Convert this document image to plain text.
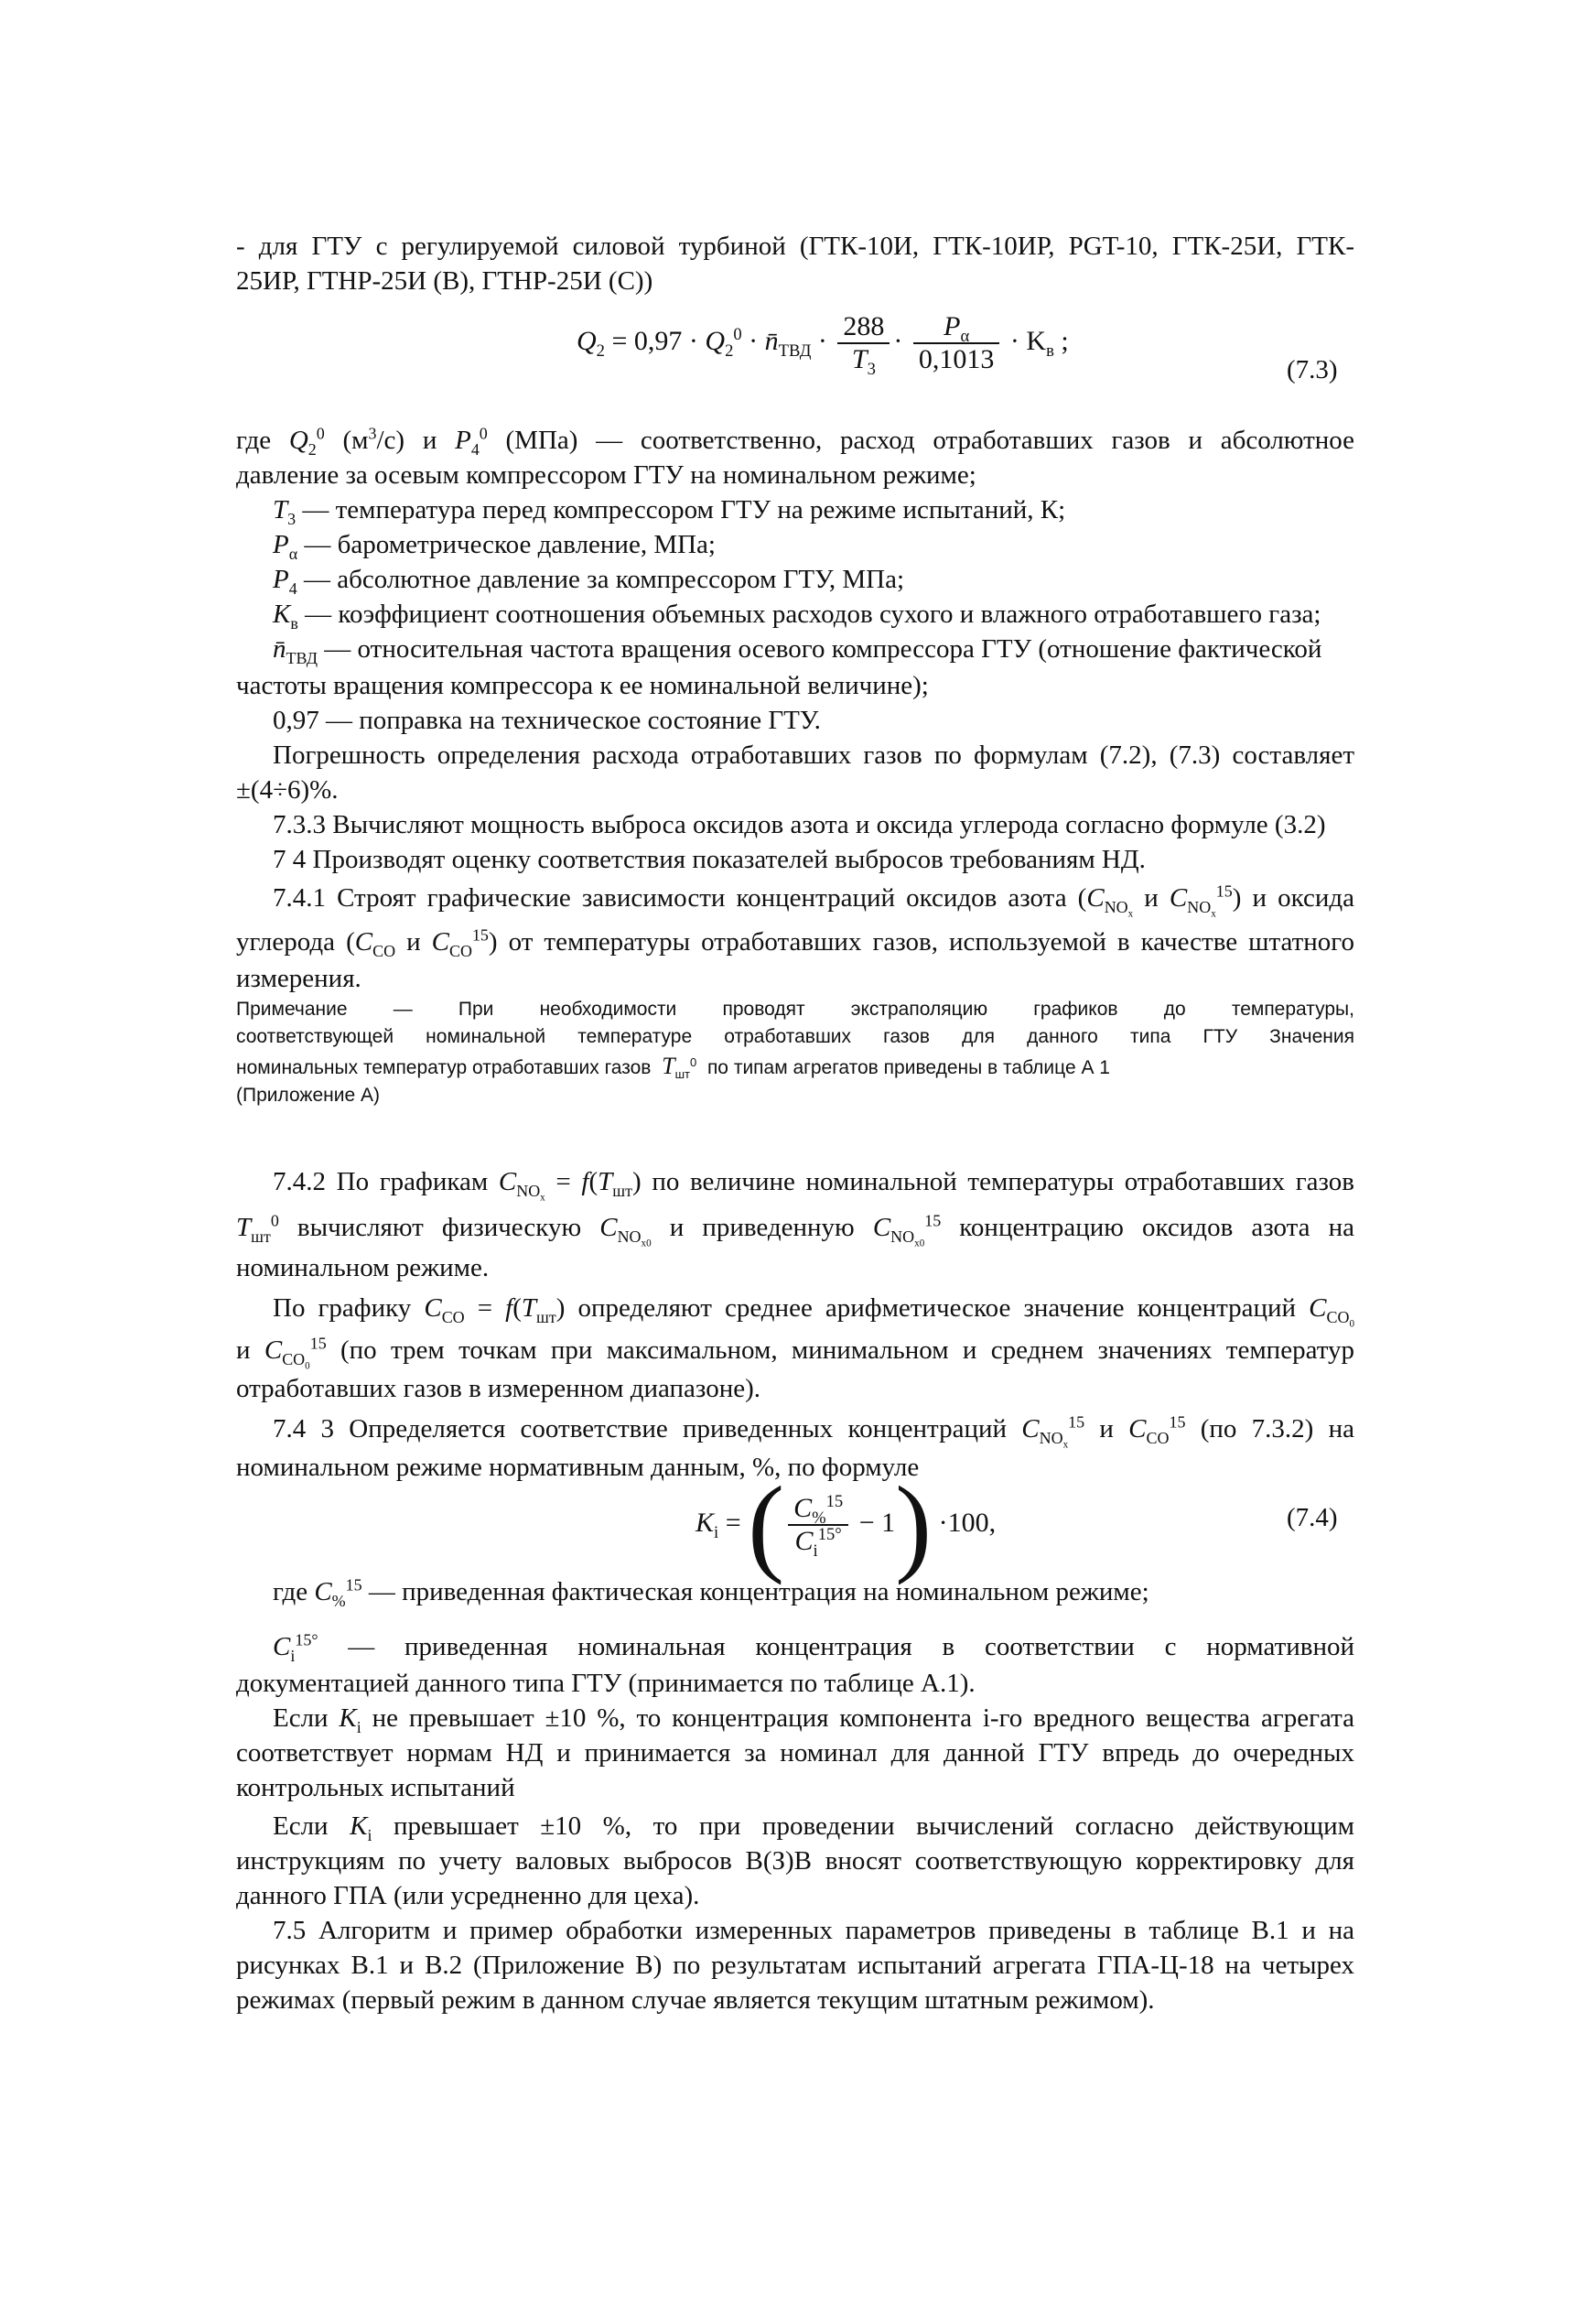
- для ГТУ с регулируемой силовой турбиной (ГТК-10И, ГТК-10ИР, PGT-10, ГТК-25И, ГТК-
25ИР, ГТНР-25И (В), ГТНР-25И (С))
$Q_2 = 0,97 \cdot Q_2^0$ · $n̄_{ТВД} \cdot \frac{288}{T_3} \cdot \frac{P_\alpha}{0,1013} \cdot K_в$ ;
(7.3)
где $Q_2^0$ $(м^3/с)$ и $P_4^0$ (МПа) — соответственно, расход отработавших газов и абсолютное
давление за осевым компрессором ГТУ на номинальном режиме;
$T_3$ — температура перед компрессором ГТУ на режиме испытаний, К;
$P_\alpha$ — барометрическое давление, МПа;
$P_4$ — абсолютное давление за компрессором ГТУ, МПа;
$K_в$ — коэффициент соотношения объемных расходов сухого и влажного отработавшего газа;
$n̄_{ТВД}$ — относительная частота вращения осевого компрессора ГТУ (отношение фактической
частоты вращения компрессора к ее номинальной величине);
0,97 — поправка на техническое состояние ГТУ.
Погрешность определения расхода отработавших газов по формулам (7.2), (7.3) составляет
±(4÷6)%.
7.3.3 Вычисляют мощность выброса оксидов азота и оксида углерода согласно формуле (3.2)
7 4 Производят оценку соответствия показателей выбросов требованиям НД.
7.4.1 Строят графические зависимости концентраций оксидов азота ($C_{NO_x}$ и $C_{NO_x}^{15}$) и оксида
углерода ($C_{CO}$ и $C_{CO}^{15}$) от температуры отработавших газов, используемой в качестве штатного
измерения.
Примечание — При необходимости проводят экстраполяцию графиков до температуры,
соответствующей номинальной температуре отработавших газов для данного типа ГТУ Значения
номинальных температур отработавших газов $T_{шт}^0$ по типам агрегатов приведены в таблице А 1
(Приложение А)
7.4.2 По графикам $C_{NO_x} = f(T_{шт})$ по величине номинальной температуры отработавших газов
$T_{шт}^0$ вычисляют физическую $C_{NO_{x0}}$ и приведенную $C_{NO_{x0}}^{15}$ концентрацию оксидов азота на
номинальном режиме.
По графику $C_{CO} = f(T_{шт})$ определяют среднее арифметическое значение концентраций $C_{CO_0}$
и $C_{CO_0}^{15}$ (по трем точкам при максимальном, минимальном и среднем значениях температур
отработавших газов в измеренном диапазоне).
7.4 3 Определяется соответствие приведенных концентраций $C_{NO_x}^{15}$ и $C_{CO}^{15}$ (по 7.3.2) на
номинальном режиме нормативным данным, %, по формуле
$K_i$ = ( $\frac{C_{\%}^{15}}{C_i^{15^\circ}} - 1) \cdot 100$,	(7.4)
где $C_{\%}^{15}$ — приведенная фактическая концентрация на номинальном режиме;
$C_i^{15^\circ}$ — приведенная номинальная концентрация в соответствии с нормативной
документацией данного типа ГТУ (принимается по таблице А.1).
Если $K_i$ не превышает ±10 %, то концентрация компонента i-го вредного вещества агрегата
соответствует нормам НД и принимается за номинал для данной ГТУ впредь до очередных
контрольных испытаний
Если $K_i$ превышает ±10 %, то при проведении вычислений согласно действующим
инструкциям по учету валовых выбросов В(З)В вносят соответствующую корректировку для
данного ГПА (или усредненно для цеха).
7.5 Алгоритм и пример обработки измеренных параметров приведены в таблице В.1 и на
рисунках В.1 и В.2 (Приложение В) по результатам испытаний агрегата ГПА-Ц-18 на четырех
режимах (первый режим в данном случае является текущим штатным режимом).
